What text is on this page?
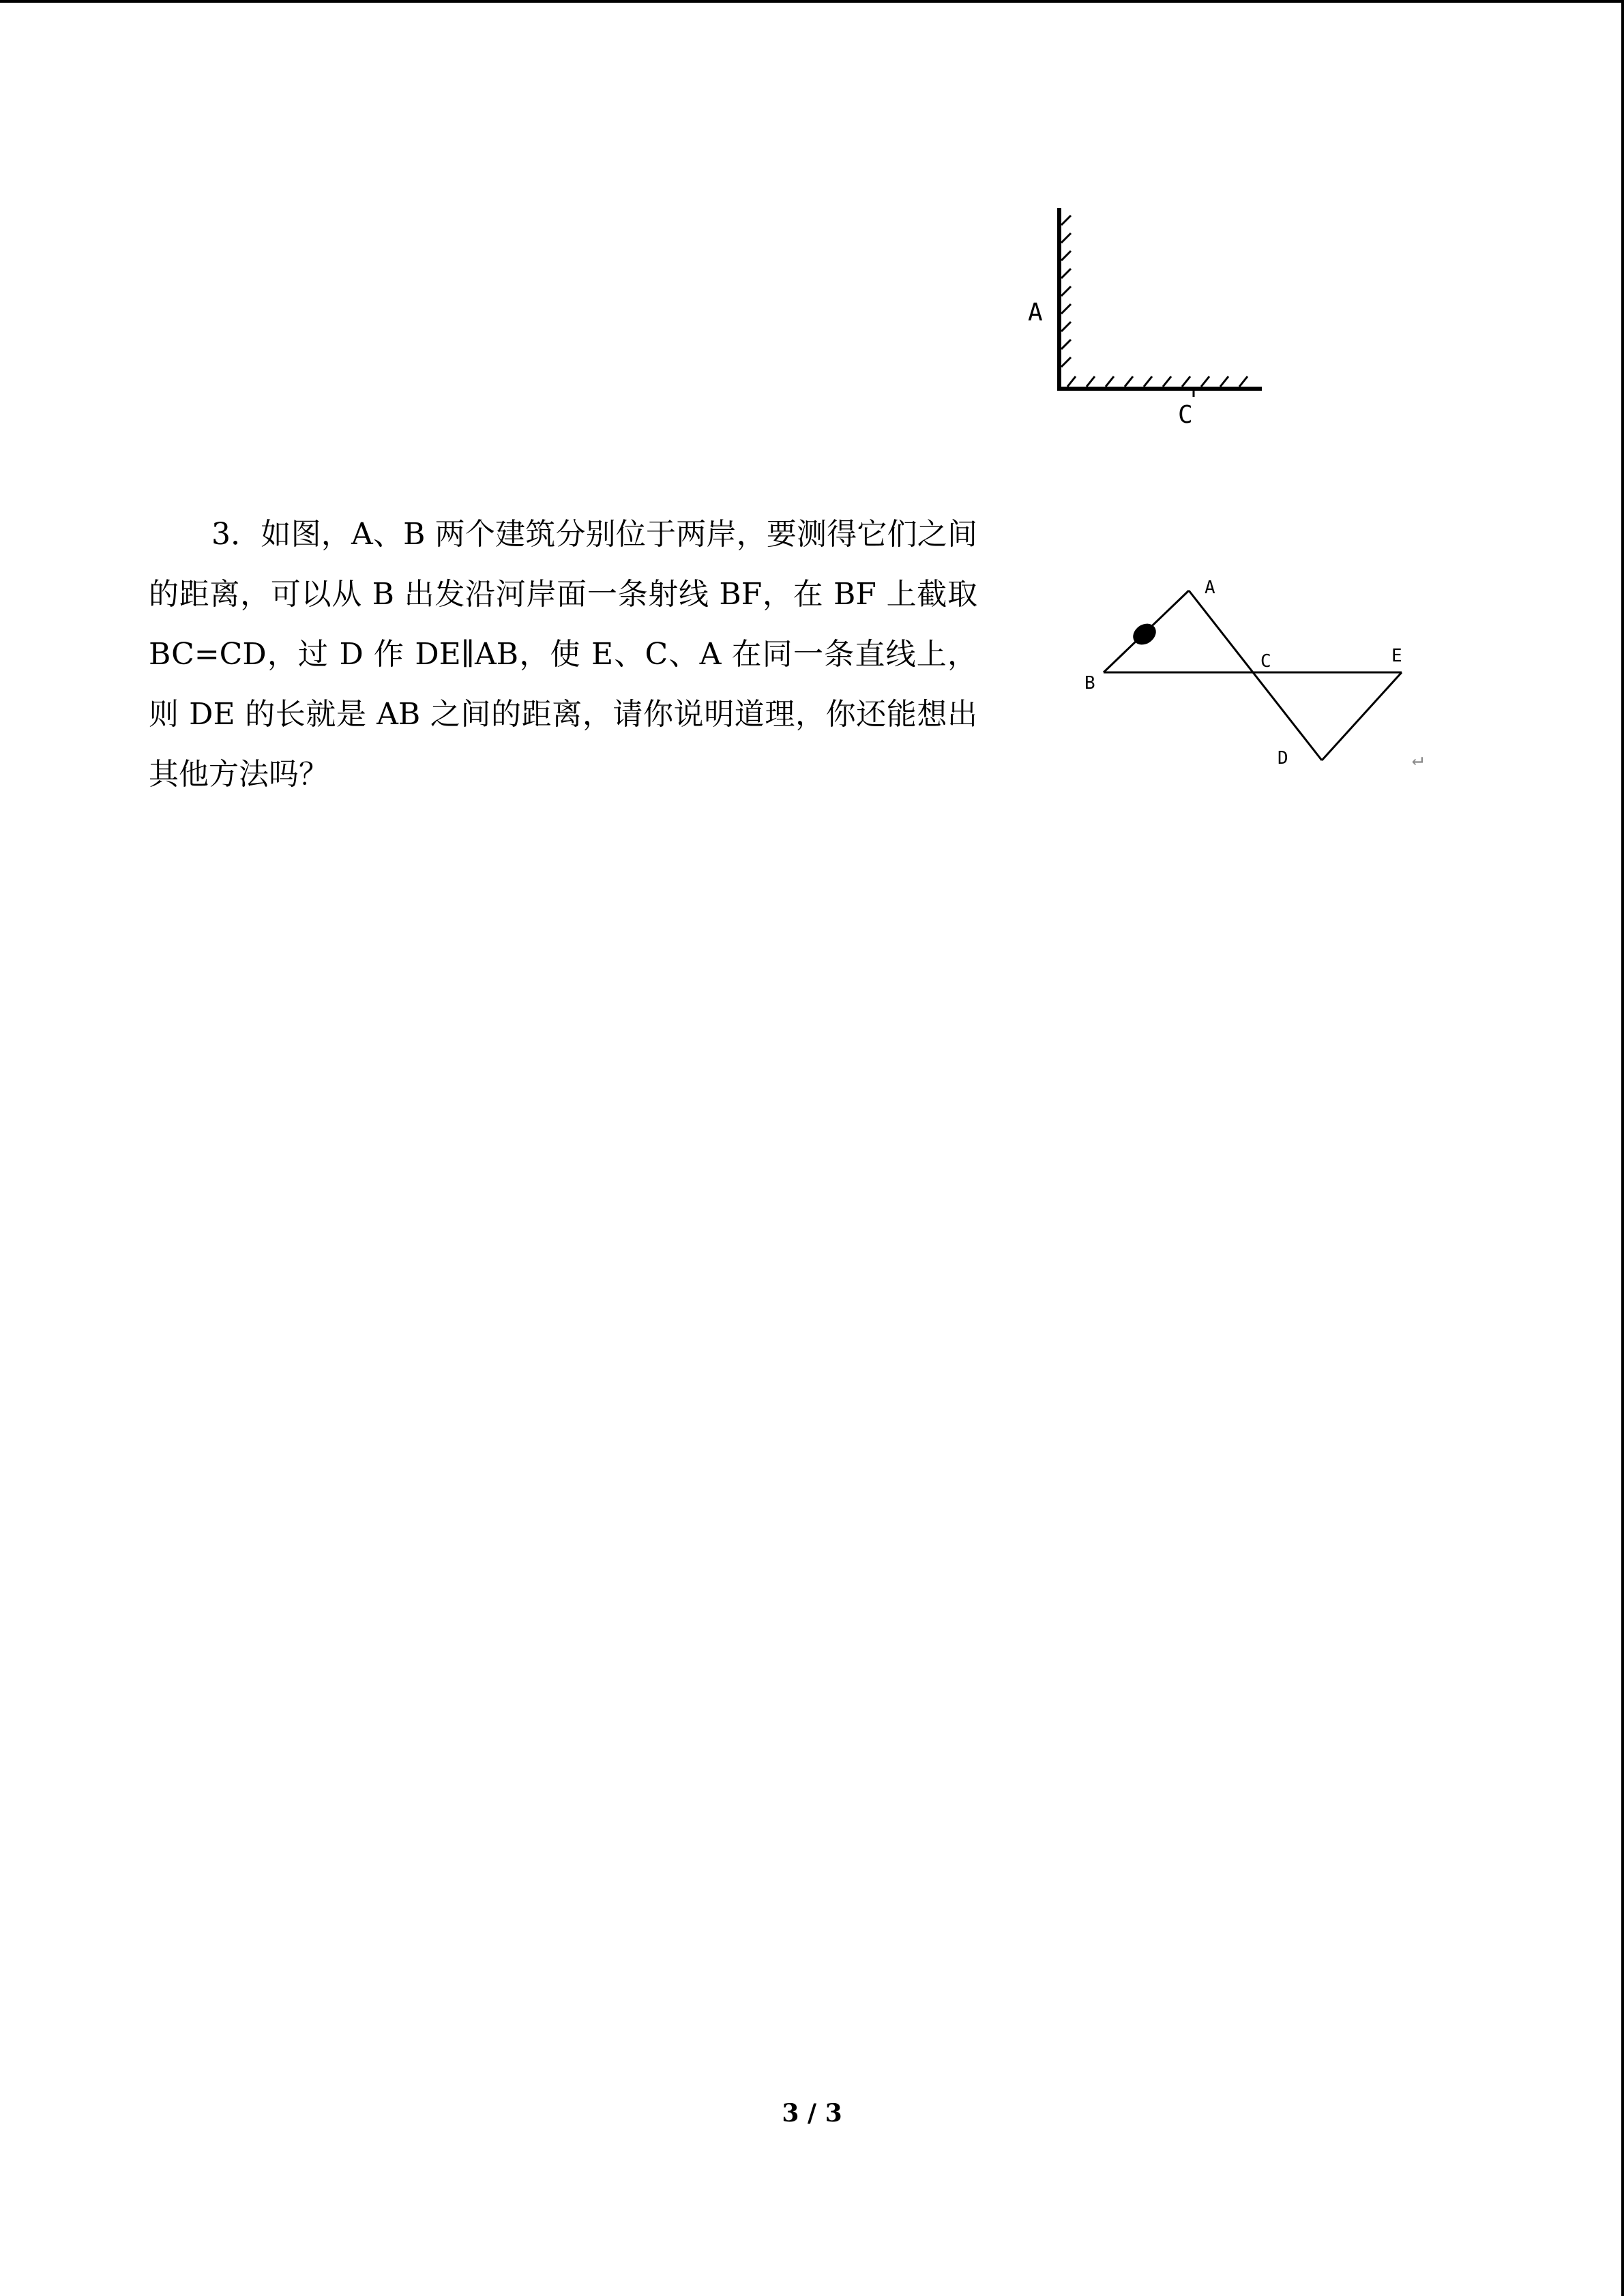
A
C

3．如图，A、B 两个建筑分别位于两岸，要测得它们之间的距离，可以从 B 出发沿河岸面一条射线 BF，在 BF 上截取 BC=CD，过 D 作 DE∥AB，使 E、C、A 在同一条直线上，则 DE 的长就是 AB 之间的距离，请你说明道理，你还能想出其他方法吗？

A
B
C	E
D	↵

3 / 3
